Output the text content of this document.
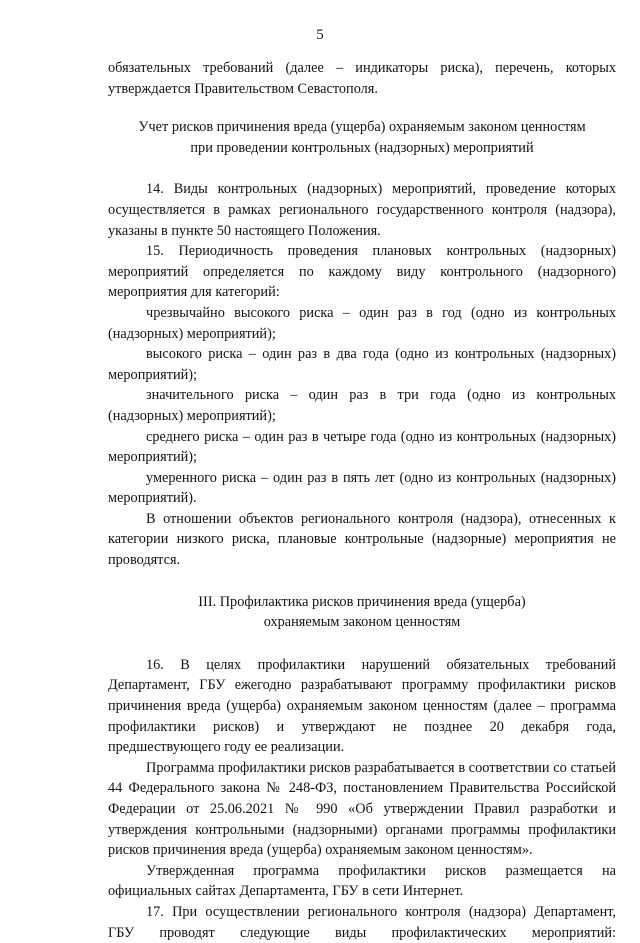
5

обязательных требований (далее – индикаторы риска), перечень, которых утверждается Правительством Севастополя.

Учет рисков причинения вреда (ущерба) охраняемым законом ценностям
при проведении контрольных (надзорных) мероприятий

14. Виды контрольных (надзорных) мероприятий, проведение которых осуществляется в рамках регионального государственного контроля (надзора), указаны в пункте 50 настоящего Положения.

15. Периодичность проведения плановых контрольных (надзорных) мероприятий определяется по каждому виду контрольного (надзорного) мероприятия для категорий:

чрезвычайно высокого риска – один раз в год (одно из контрольных (надзорных) мероприятий);

высокого риска – один раз в два года (одно из контрольных (надзорных) мероприятий);

значительного риска – один раз в три года (одно из контрольных (надзорных) мероприятий);

среднего риска – один раз в четыре года (одно из контрольных (надзорных) мероприятий);

умеренного риска – один раз в пять лет (одно из контрольных (надзорных) мероприятий).

В отношении объектов регионального контроля (надзора), отнесенных к категории низкого риска, плановые контрольные (надзорные) мероприятия не проводятся.

III. Профилактика рисков причинения вреда (ущерба)
охраняемым законом ценностям

16. В целях профилактики нарушений обязательных требований Департамент, ГБУ ежегодно разрабатывают программу профилактики рисков причинения вреда (ущерба) охраняемым законом ценностям (далее – программа профилактики рисков) и утверждают не позднее 20 декабря года, предшествующего году ее реализации.

Программа профилактики рисков разрабатывается в соответствии со статьей 44 Федерального закона № 248-ФЗ, постановлением Правительства Российской Федерации от 25.06.2021 № 990 «Об утверждении Правил разработки и утверждения контрольными (надзорными) органами программы профилактики рисков причинения вреда (ущерба) охраняемым законом ценностям».

Утвержденная программа профилактики рисков размещается на официальных сайтах Департамента, ГБУ в сети Интернет.

17. При осуществлении регионального контроля (надзора) Департамент, ГБУ проводят следующие виды профилактических мероприятий:
